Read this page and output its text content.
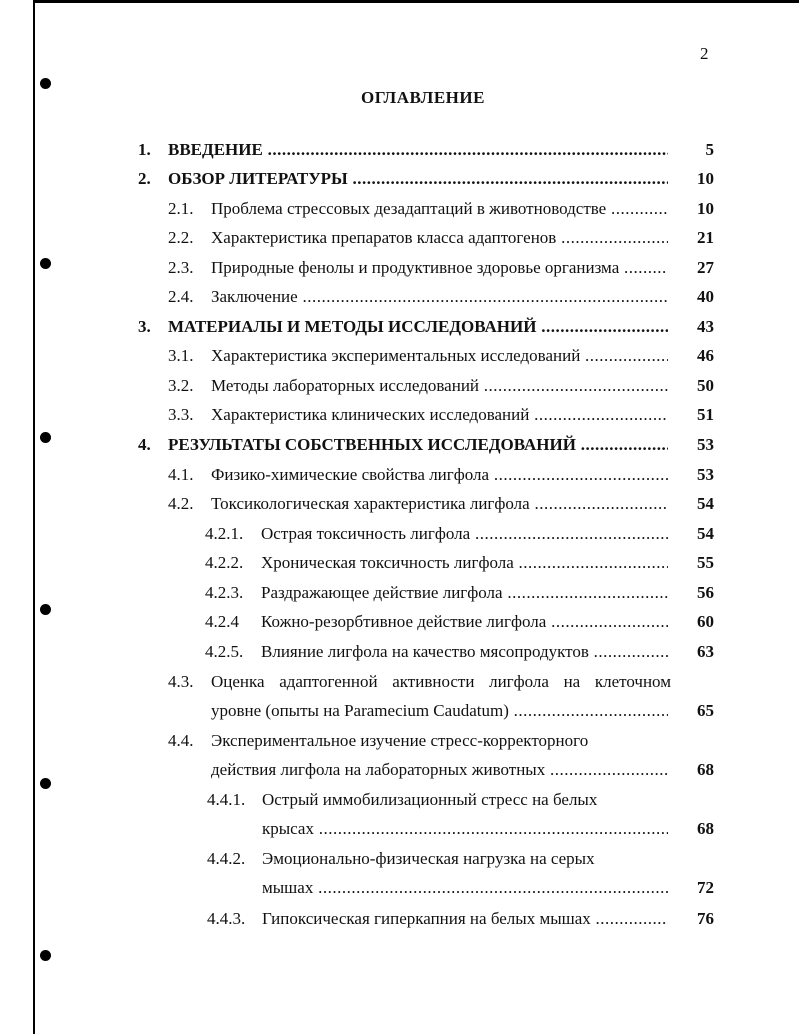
2
ОГЛАВЛЕНИЕ
1. ВВЕДЕНИЕ .....	5
2. ОБЗОР ЛИТЕРАТУРЫ .....	10
2.1. Проблема стрессовых дезадаптаций в животноводстве .....	10
2.2. Характеристика препаратов класса адаптогенов .....	21
2.3. Природные фенолы и продуктивное здоровье организма .....	27
2.4. Заключение .....	40
3. МАТЕРИАЛЫ И МЕТОДЫ ИССЛЕДОВАНИЙ .....	43
3.1. Характеристика экспериментальных исследований .....	46
3.2. Методы лабораторных исследований .....	50
3.3. Характеристика клинических исследований .....	51
4. РЕЗУЛЬТАТЫ СОБСТВЕННЫХ ИССЛЕДОВАНИЙ .....	53
4.1. Физико-химические свойства лигфола .....	53
4.2. Токсикологическая характеристика лигфола .....	54
4.2.1. Острая токсичность лигфола .....	54
4.2.2. Хроническая токсичность лигфола .....	55
4.2.3. Раздражающее действие лигфола .....	56
4.2.4 Кожно-резорбтивное действие лигфола .....	60
4.2.5. Влияние лигфола на качество мясопродуктов .....	63
4.3. Оценка адаптогенной активности лигфола на клеточном
уровне (опыты на Paramecium Caudatum) .....	65
4.4. Экспериментальное изучение стресс-корректорного
действия лигфола на лабораторных животных .....	68
4.4.1. Острый иммобилизационный стресс на белых
крысах .....	68
4.4.2. Эмоционально-физическая нагрузка на серых
мышах .....	72
4.4.3. Гипоксическая гиперкапния на белых мышах .....	76
